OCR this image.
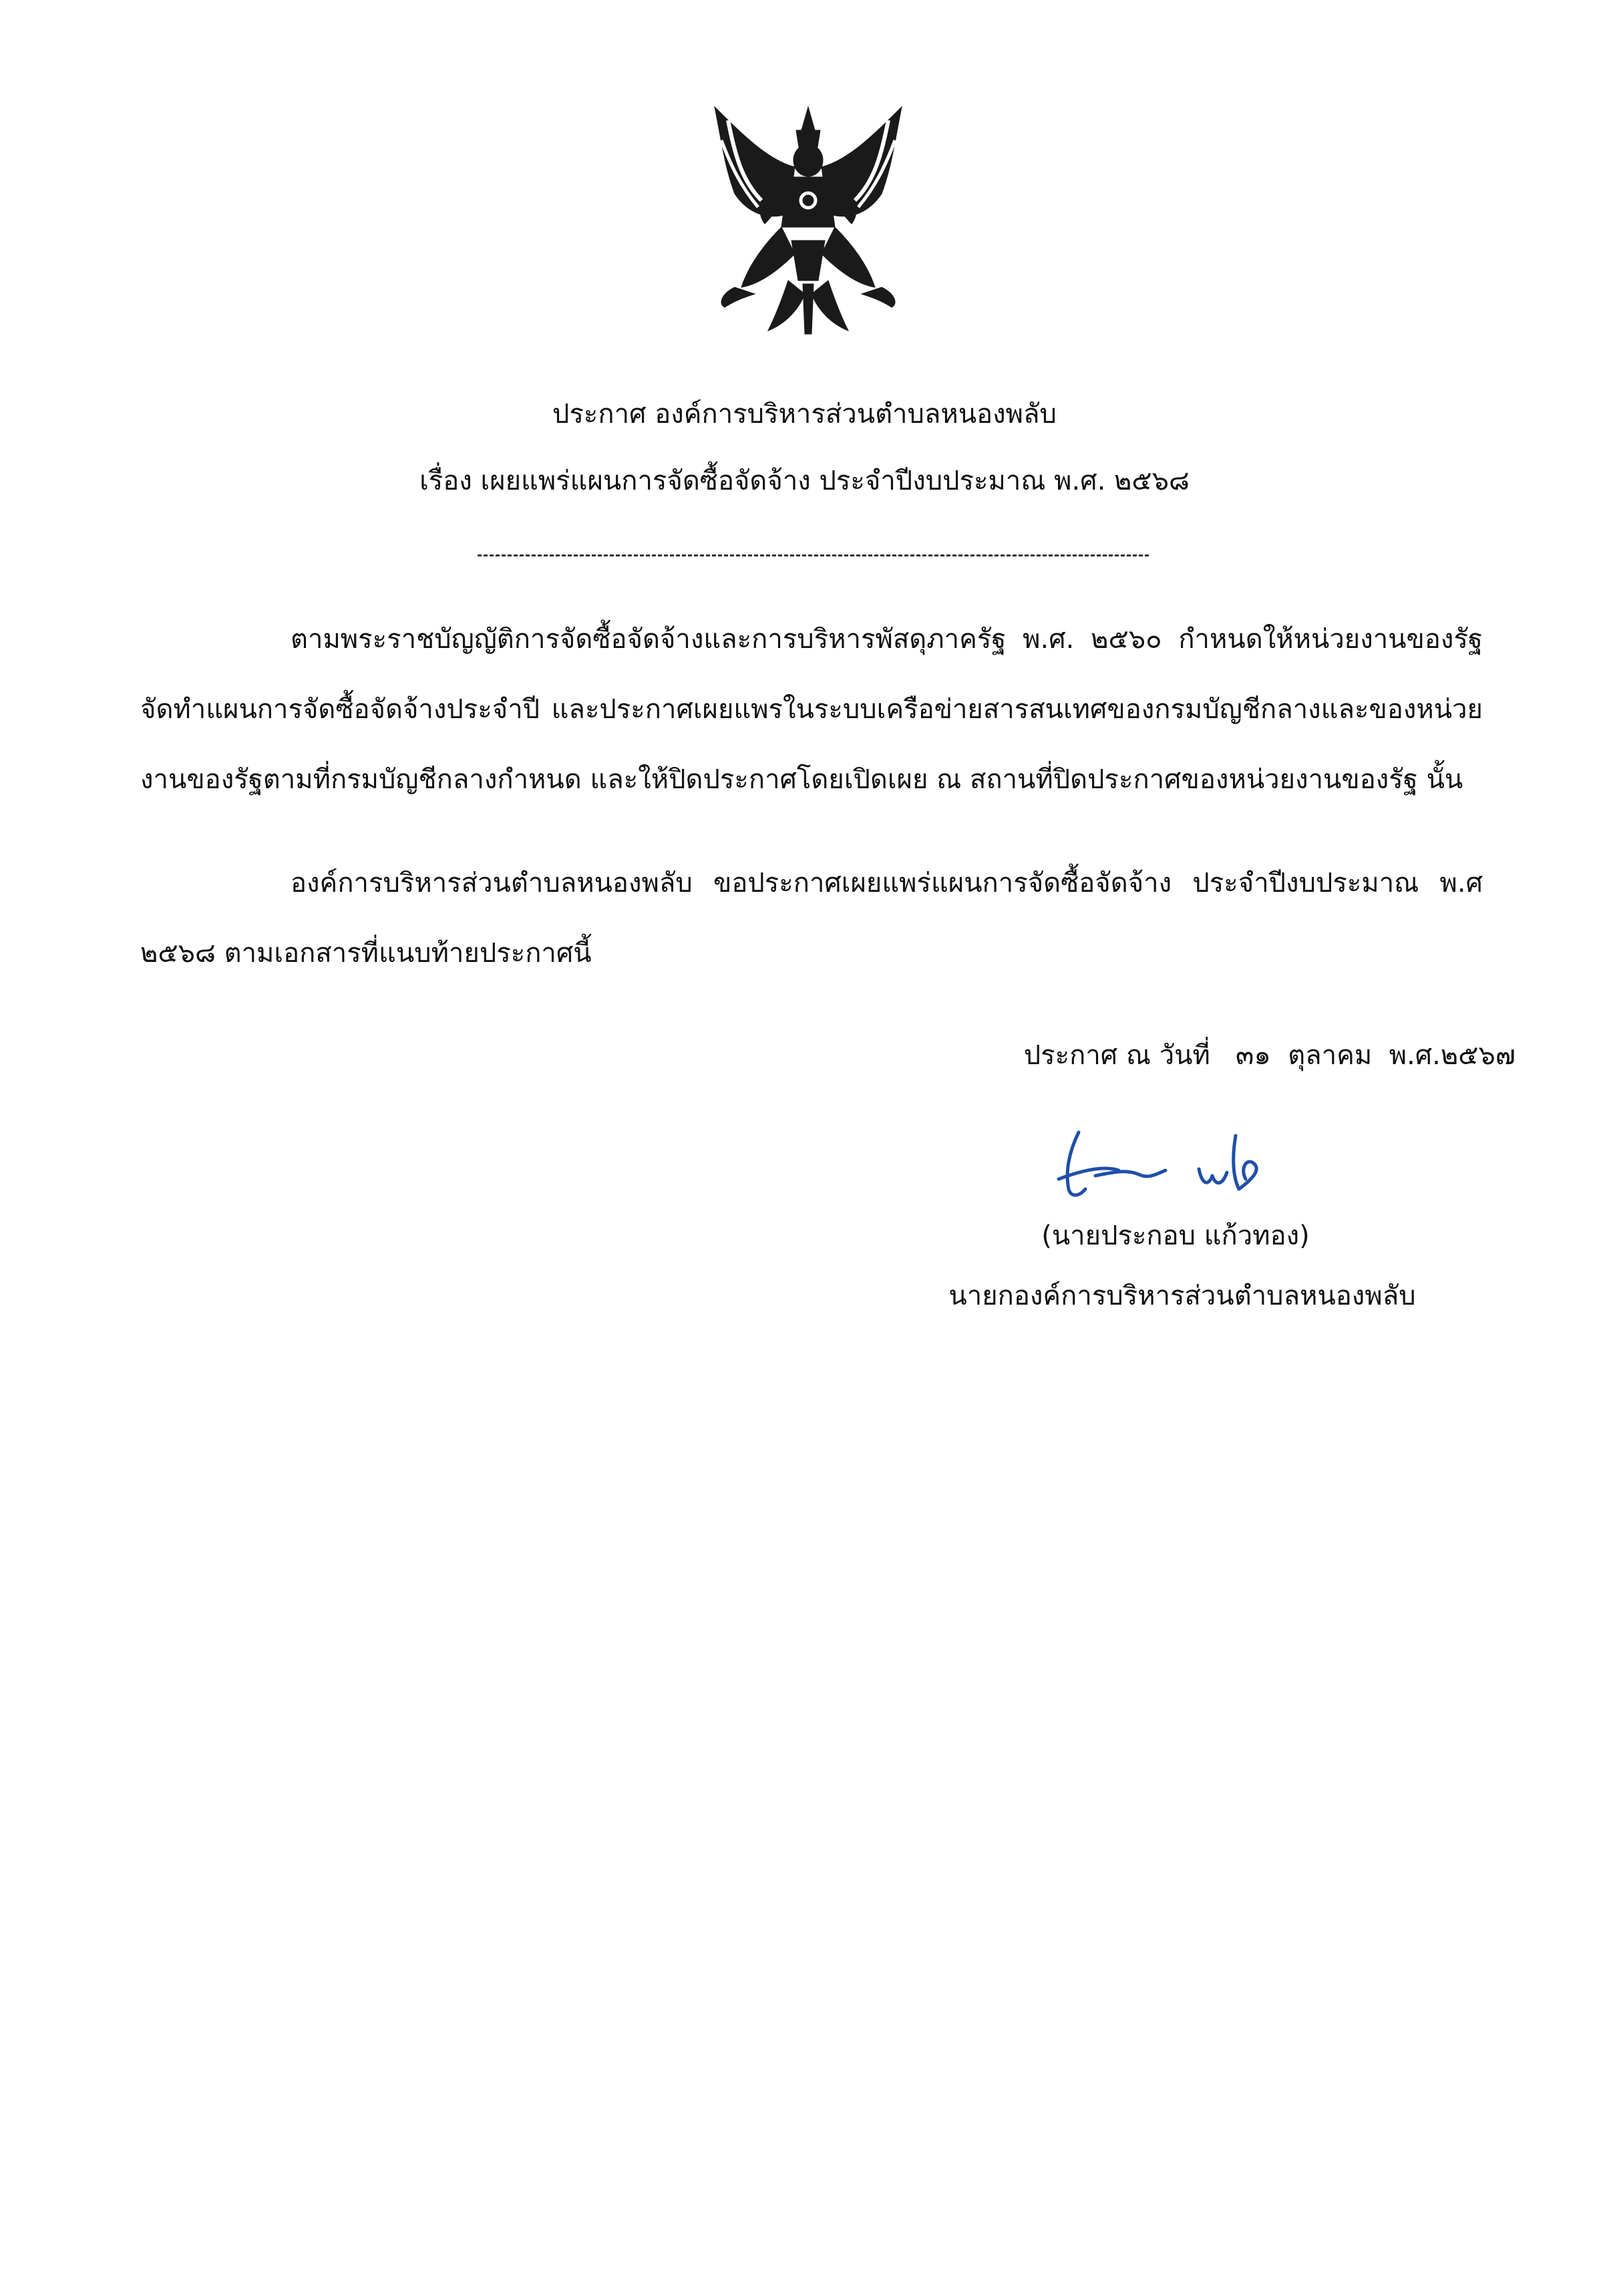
ประกาศ องค์การบริหารส่วนตำบลหนองพลับ
เรื่อง เผยแพร่แผนการจัดซื้อจัดจ้าง ประจำปีงบประมาณ พ.ศ. ๒๕๖๘
ตามพระราชบัญญัติการจัดซื้อจัดจ้างและการบริหารพัสดุภาครัฐ พ.ศ. ๒๕๖๐ กำหนดให้หน่วยงานของรัฐจัดทำแผนการจัดซื้อจัดจ้างประจำปี และประกาศเผยแพรในระบบเครือข่ายสารสนเทศของกรมบัญชีกลางและของหน่วยงานของรัฐตามที่กรมบัญชีกลางกำหนด และให้ปิดประกาศโดยเปิดเผย ณ สถานที่ปิดประกาศของหน่วยงานของรัฐ นั้น
องค์การบริหารส่วนตำบลหนองพลับ ขอประกาศเผยแพร่แผนการจัดซื้อจัดจ้าง ประจำปีงบประมาณ พ.ศ ๒๕๖๘ ตามเอกสารที่แนบท้ายประกาศนี้
ประกาศ ณ วันที่   ๓๑  ตุลาคม  พ.ศ.๒๕๖๗
(นายประกอบ แก้วทอง)
นายกองค์การบริหารส่วนตำบลหนองพลับ
